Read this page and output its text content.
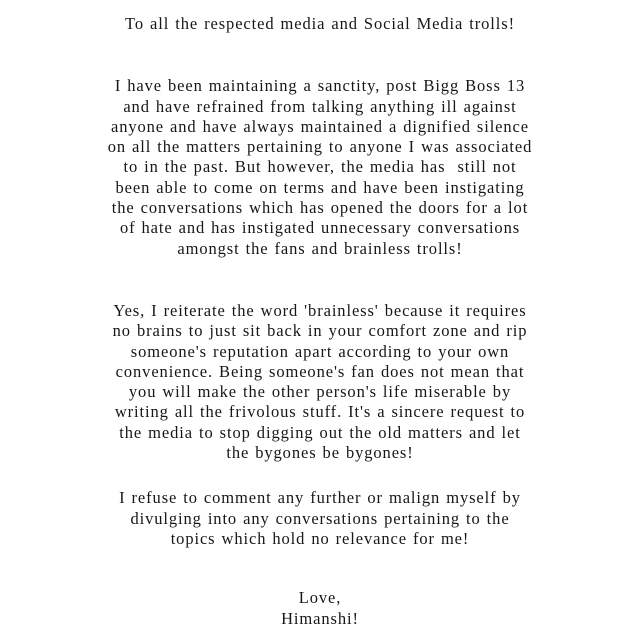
To all the respected media and Social Media trolls!
I have been maintaining a sanctity, post Bigg Boss 13
and have refrained from talking anything ill against
anyone and have always maintained a dignified silence
on all the matters pertaining to anyone I was associated
to in the past. But however, the media has  still not
been able to come on terms and have been instigating
the conversations which has opened the doors for a lot
of hate and has instigated unnecessary conversations
amongst the fans and brainless trolls!
Yes, I reiterate the word 'brainless' because it requires
no brains to just sit back in your comfort zone and rip
someone's reputation apart according to your own
convenience. Being someone's fan does not mean that
you will make the other person's life miserable by
writing all the frivolous stuff. It's a sincere request to
the media to stop digging out the old matters and let
the bygones be bygones!
I refuse to comment any further or malign myself by
divulging into any conversations pertaining to the
topics which hold no relevance for me!
Love,
Himanshi!
